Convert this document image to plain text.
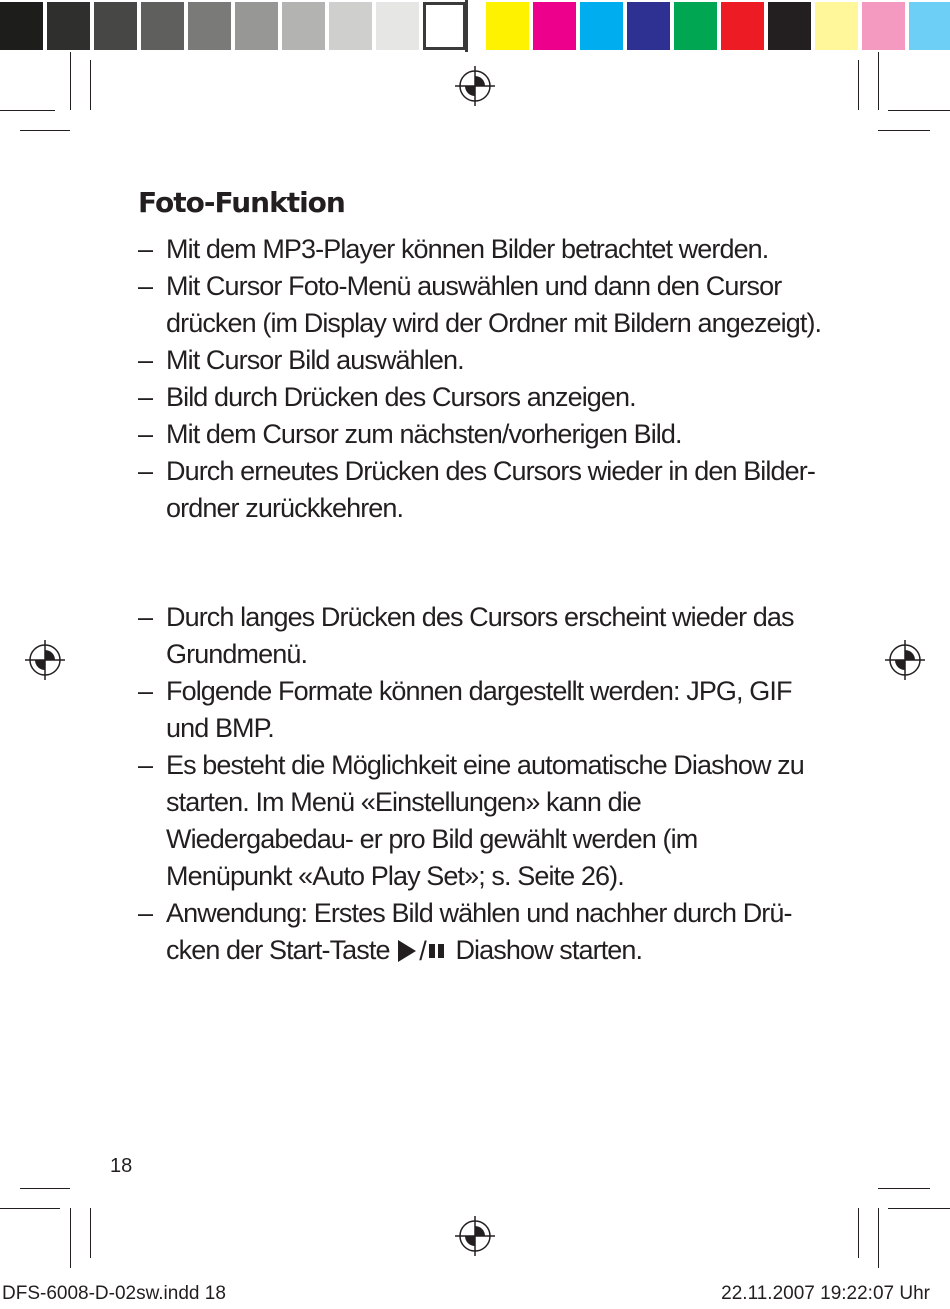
Foto-Funktion
– Mit dem MP3-Player können Bilder betrachtet werden.
– Mit Cursor Foto-Menü auswählen und dann den Cursor drücken (im Display wird der Ordner mit Bildern angezeigt).
– Mit Cursor Bild auswählen.
– Bild durch Drücken des Cursors anzeigen.
– Mit dem Cursor zum nächsten/vorherigen Bild.
– Durch erneutes Drücken des Cursors wieder in den Bilder- ordner zurückkehren.
– Durch langes Drücken des Cursors erscheint wieder das Grundmenü.
– Folgende Formate können dargestellt werden: JPG, GIF und BMP.
– Es besteht die Möglichkeit eine automatische Diashow zu starten. Im Menü «Einstellungen» kann die Wiedergabedau- er pro Bild gewählt werden (im Menüpunkt «Auto Play Set»; s. Seite 26).
– Anwendung: Erstes Bild wählen und nachher durch Drü- cken der Start-Taste / Diashow starten.
18
DFS-6008-D-02sw.indd 18	22.11.2007 19:22:07 Uhr
